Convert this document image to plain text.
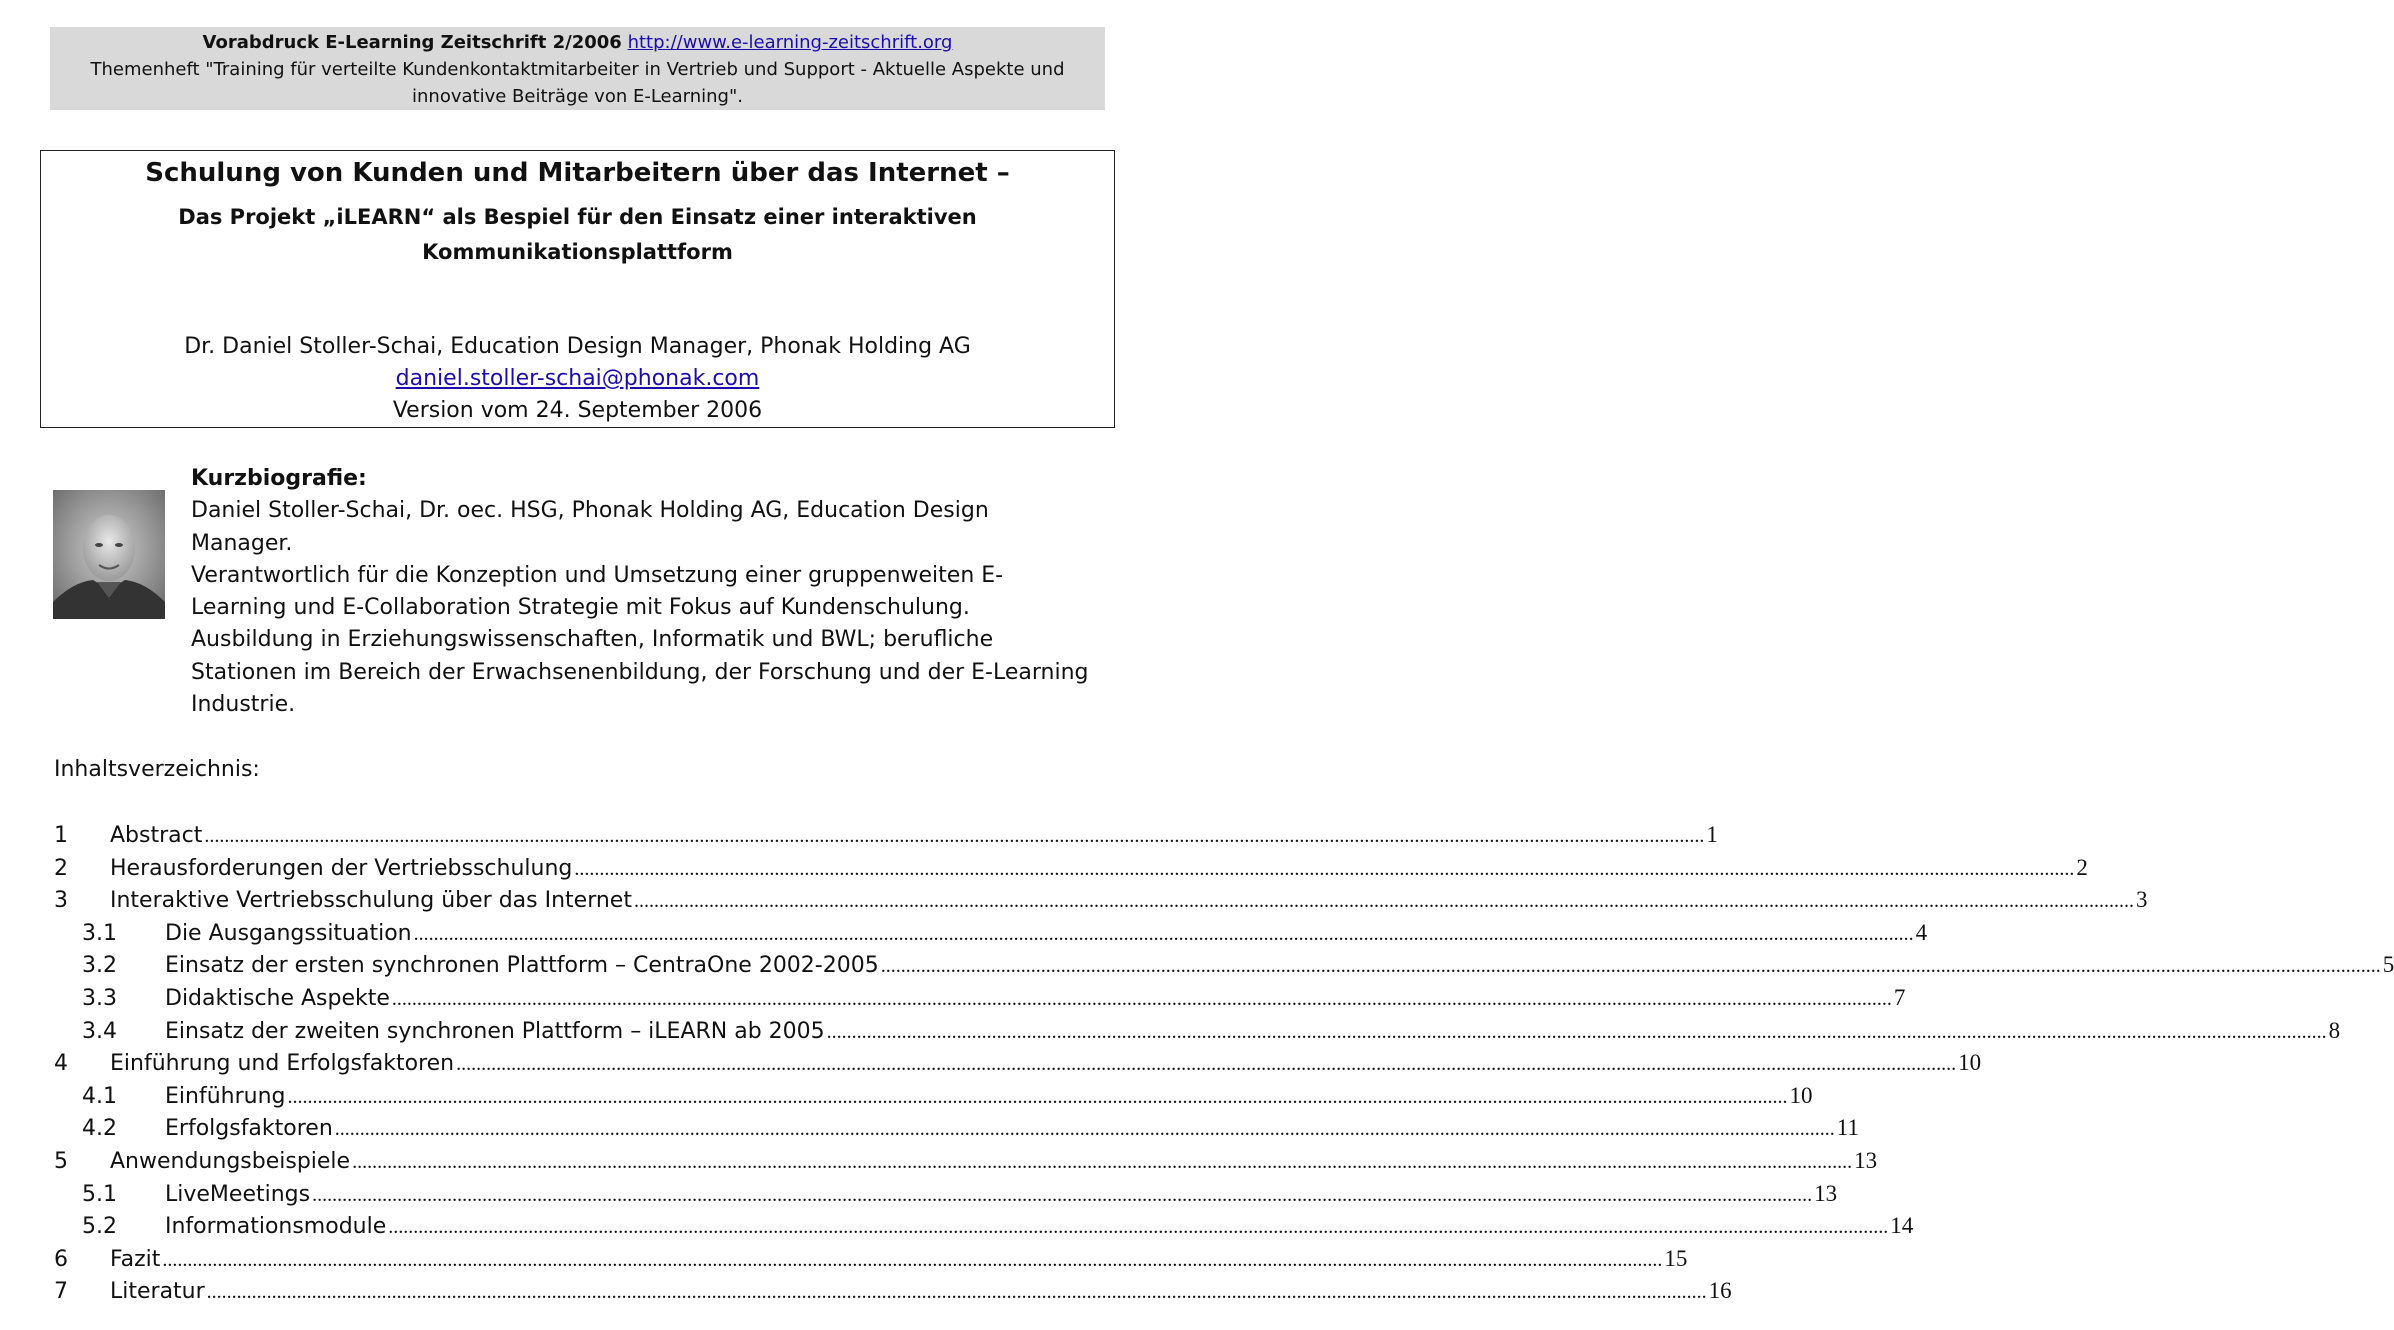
Vorabdruck E-Learning Zeitschrift 2/2006 http://www.e-learning-zeitschrift.org
Themenheft "Training für verteilte Kundenkontaktmitarbeiter in Vertrieb und Support - Aktuelle Aspekte und
innovative Beiträge von E-Learning".
Schulung von Kunden und Mitarbeitern über das Internet –
Das Projekt „iLEARN“ als Bespiel für den Einsatz einer interaktiven
Kommunikationsplattform
Dr. Daniel Stoller-Schai, Education Design Manager, Phonak Holding AG
daniel.stoller-schai@phonak.com
Version vom 24. September 2006
Kurzbiografie:
Daniel Stoller-Schai, Dr. oec. HSG, Phonak Holding AG, Education Design
Manager.
Verantwortlich für die Konzeption und Umsetzung einer gruppenweiten E-
Learning und E-Collaboration Strategie mit Fokus auf Kundenschulung.
Ausbildung in Erziehungswissenschaften, Informatik und BWL; berufliche
Stationen im Bereich der Erwachsenenbildung, der Forschung und der E-Learning
Industrie.
Inhaltsverzeichnis:
1	Abstract ............................................................................................................................................................................................................................................................................................................ 1
2	Herausforderungen der Vertriebsschulung ............................................................................................................................................................................................................................................................................................................ 2
3	Interaktive Vertriebsschulung über das Internet ............................................................................................................................................................................................................................................................................................................ 3
3.1	Die Ausgangssituation ............................................................................................................................................................................................................................................................................................................ 4
3.2	Einsatz der ersten synchronen Plattform – CentraOne 2002-2005 ............................................................................................................................................................................................................................................................................................................ 5
3.3	Didaktische Aspekte ............................................................................................................................................................................................................................................................................................................ 7
3.4	Einsatz der zweiten synchronen Plattform – iLEARN ab 2005 ............................................................................................................................................................................................................................................................................................................ 8
4	Einführung und Erfolgsfaktoren ............................................................................................................................................................................................................................................................................................................ 10
4.1	Einführung ............................................................................................................................................................................................................................................................................................................ 10
4.2	Erfolgsfaktoren ............................................................................................................................................................................................................................................................................................................ 11
5	Anwendungsbeispiele ............................................................................................................................................................................................................................................................................................................ 13
5.1	LiveMeetings ............................................................................................................................................................................................................................................................................................................ 13
5.2	Informationsmodule ............................................................................................................................................................................................................................................................................................................ 14
6	Fazit ............................................................................................................................................................................................................................................................................................................ 15
7	Literatur ............................................................................................................................................................................................................................................................................................................ 16
